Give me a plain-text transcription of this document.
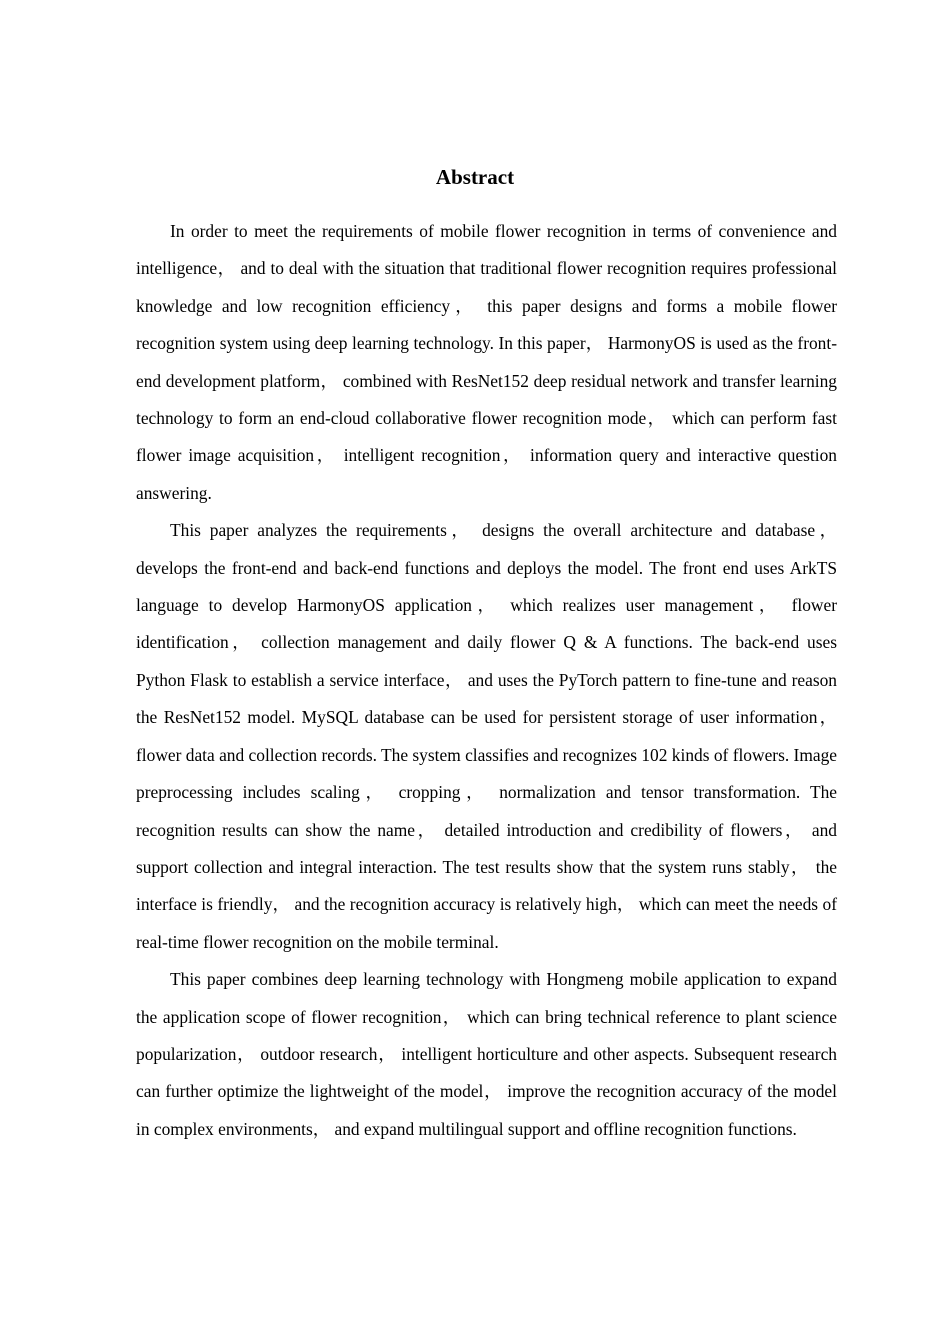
Abstract

In order to meet the requirements of mobile flower recognition in terms of convenience and intelligence， and to deal with the situation that traditional flower recognition requires professional knowledge and low recognition efficiency， this paper designs and forms a mobile flower recognition system using deep learning technology. In this paper， HarmonyOS is used as the front-end development platform， combined with ResNet152 deep residual network and transfer learning technology to form an end-cloud collaborative flower recognition mode， which can perform fast flower image acquisition， intelligent recognition， information query and interactive question answering.

This paper analyzes the requirements， designs the overall architecture and database， develops the front-end and back-end functions and deploys the model. The front end uses ArkTS language to develop HarmonyOS application， which realizes user management， flower identification， collection management and daily flower Q & A functions. The back-end uses Python Flask to establish a service interface， and uses the PyTorch pattern to fine-tune and reason the ResNet152 model. MySQL database can be used for persistent storage of user information， flower data and collection records. The system classifies and recognizes 102 kinds of flowers. Image preprocessing includes scaling， cropping， normalization and tensor transformation. The recognition results can show the name， detailed introduction and credibility of flowers， and support collection and integral interaction. The test results show that the system runs stably， the interface is friendly， and the recognition accuracy is relatively high， which can meet the needs of real-time flower recognition on the mobile terminal.

This paper combines deep learning technology with Hongmeng mobile application to expand the application scope of flower recognition， which can bring technical reference to plant science popularization， outdoor research， intelligent horticulture and other aspects. Subsequent research can further optimize the lightweight of the model， improve the recognition accuracy of the model in complex environments， and expand multilingual support and offline recognition functions.
